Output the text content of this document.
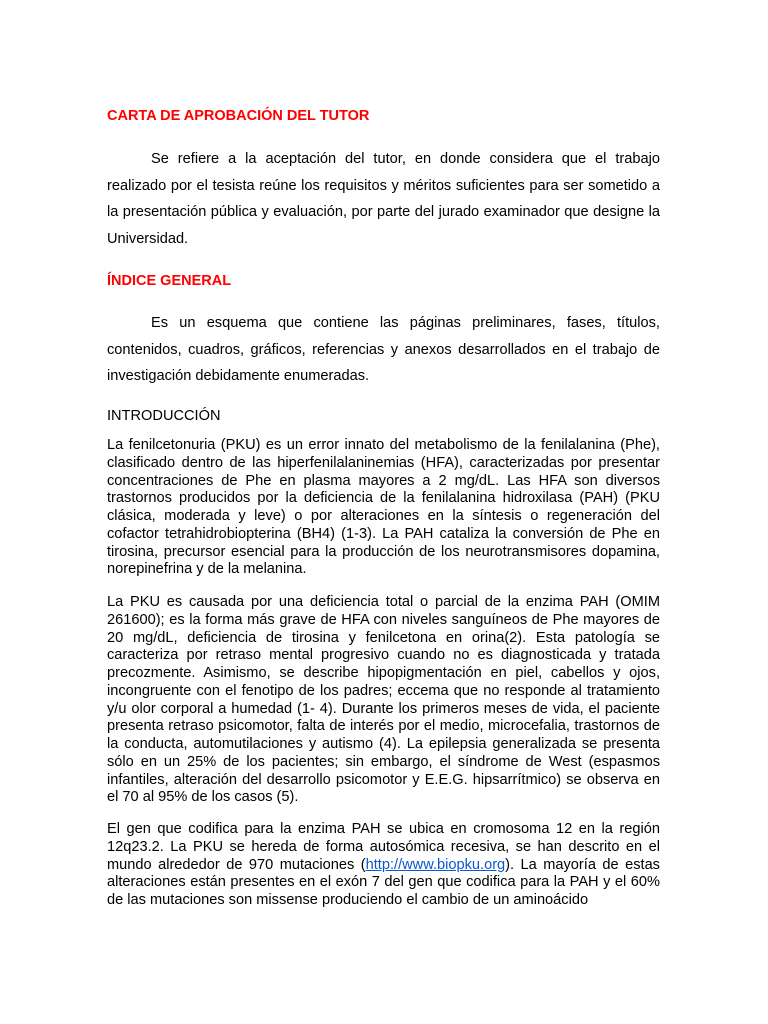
CARTA DE APROBACIÓN DEL TUTOR

Se refiere a la aceptación del tutor, en donde considera que el trabajo realizado por el tesista reúne los requisitos y méritos suficientes para ser sometido a la presentación pública y evaluación, por parte del jurado examinador que designe la Universidad.

ÍNDICE GENERAL

Es un esquema que contiene las páginas preliminares, fases, títulos, contenidos, cuadros, gráficos, referencias y anexos desarrollados en el trabajo de investigación debidamente enumeradas.

INTRODUCCIÓN

La fenilcetonuria (PKU) es un error innato del metabolismo de la fenilalanina (Phe), clasificado dentro de las hiperfenilalaninemias (HFA), caracterizadas por presentar concentraciones de Phe en plasma mayores a 2 mg/dL. Las HFA son diversos trastornos producidos por la deficiencia de la fenilalanina hidroxilasa (PAH) (PKU clásica, moderada y leve) o por alteraciones en la síntesis o regeneración del cofactor tetrahidrobiopterina (BH4) (1-3). La PAH cataliza la conversión de Phe en tirosina, precursor esencial para la producción de los neurotransmisores dopamina, norepinefrina y de la melanina.

La PKU es causada por una deficiencia total o parcial de la enzima PAH (OMIM 261600); es la forma más grave de HFA con niveles sanguíneos de Phe mayores de 20 mg/dL, deficiencia de tirosina y fenilcetona en orina(2). Esta patología se caracteriza por retraso mental progresivo cuando no es diagnosticada y tratada precozmente. Asimismo, se describe hipopigmentación en piel, cabellos y ojos, incongruente con el fenotipo de los padres; eccema que no responde al tratamiento y/u olor corporal a humedad (1- 4). Durante los primeros meses de vida, el paciente presenta retraso psicomotor, falta de interés por el medio, microcefalia, trastornos de la conducta, automutilaciones y autismo (4). La epilepsia generalizada se presenta sólo en un 25% de los pacientes; sin embargo, el síndrome de West (espasmos infantiles, alteración del desarrollo psicomotor y E.E.G. hipsarrítmico) se observa en el 70 al 95% de los casos (5).

El gen que codifica para la enzima PAH se ubica en cromosoma 12 en la región 12q23.2. La PKU se hereda de forma autosómica recesiva, se han descrito en el mundo alrededor de 970 mutaciones (http://www.biopku.org). La mayoría de estas alteraciones están presentes en el exón 7 del gen que codifica para la PAH y el 60% de las mutaciones son missense produciendo el cambio de un aminoácido
